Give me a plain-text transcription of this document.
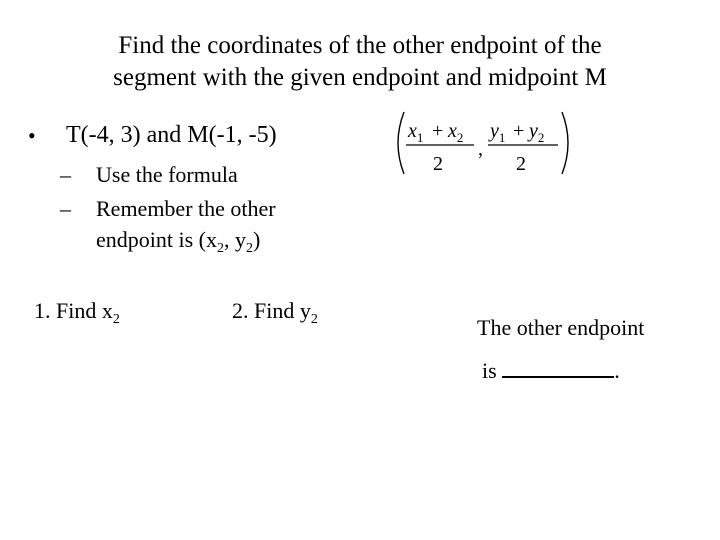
Find the coordinates of the other endpoint of the
segment with the given endpoint and midpoint M
• T(-4, 3) and M(-1, -5)
– Use the formula
– Remember the other
endpoint is ($x_2$, $y_2$)
1. Find $x_2$	2. Find $y_2$	The other endpoint
is	.
$x_1 + x_2$
2
,
$y_1 + y_2$
2
